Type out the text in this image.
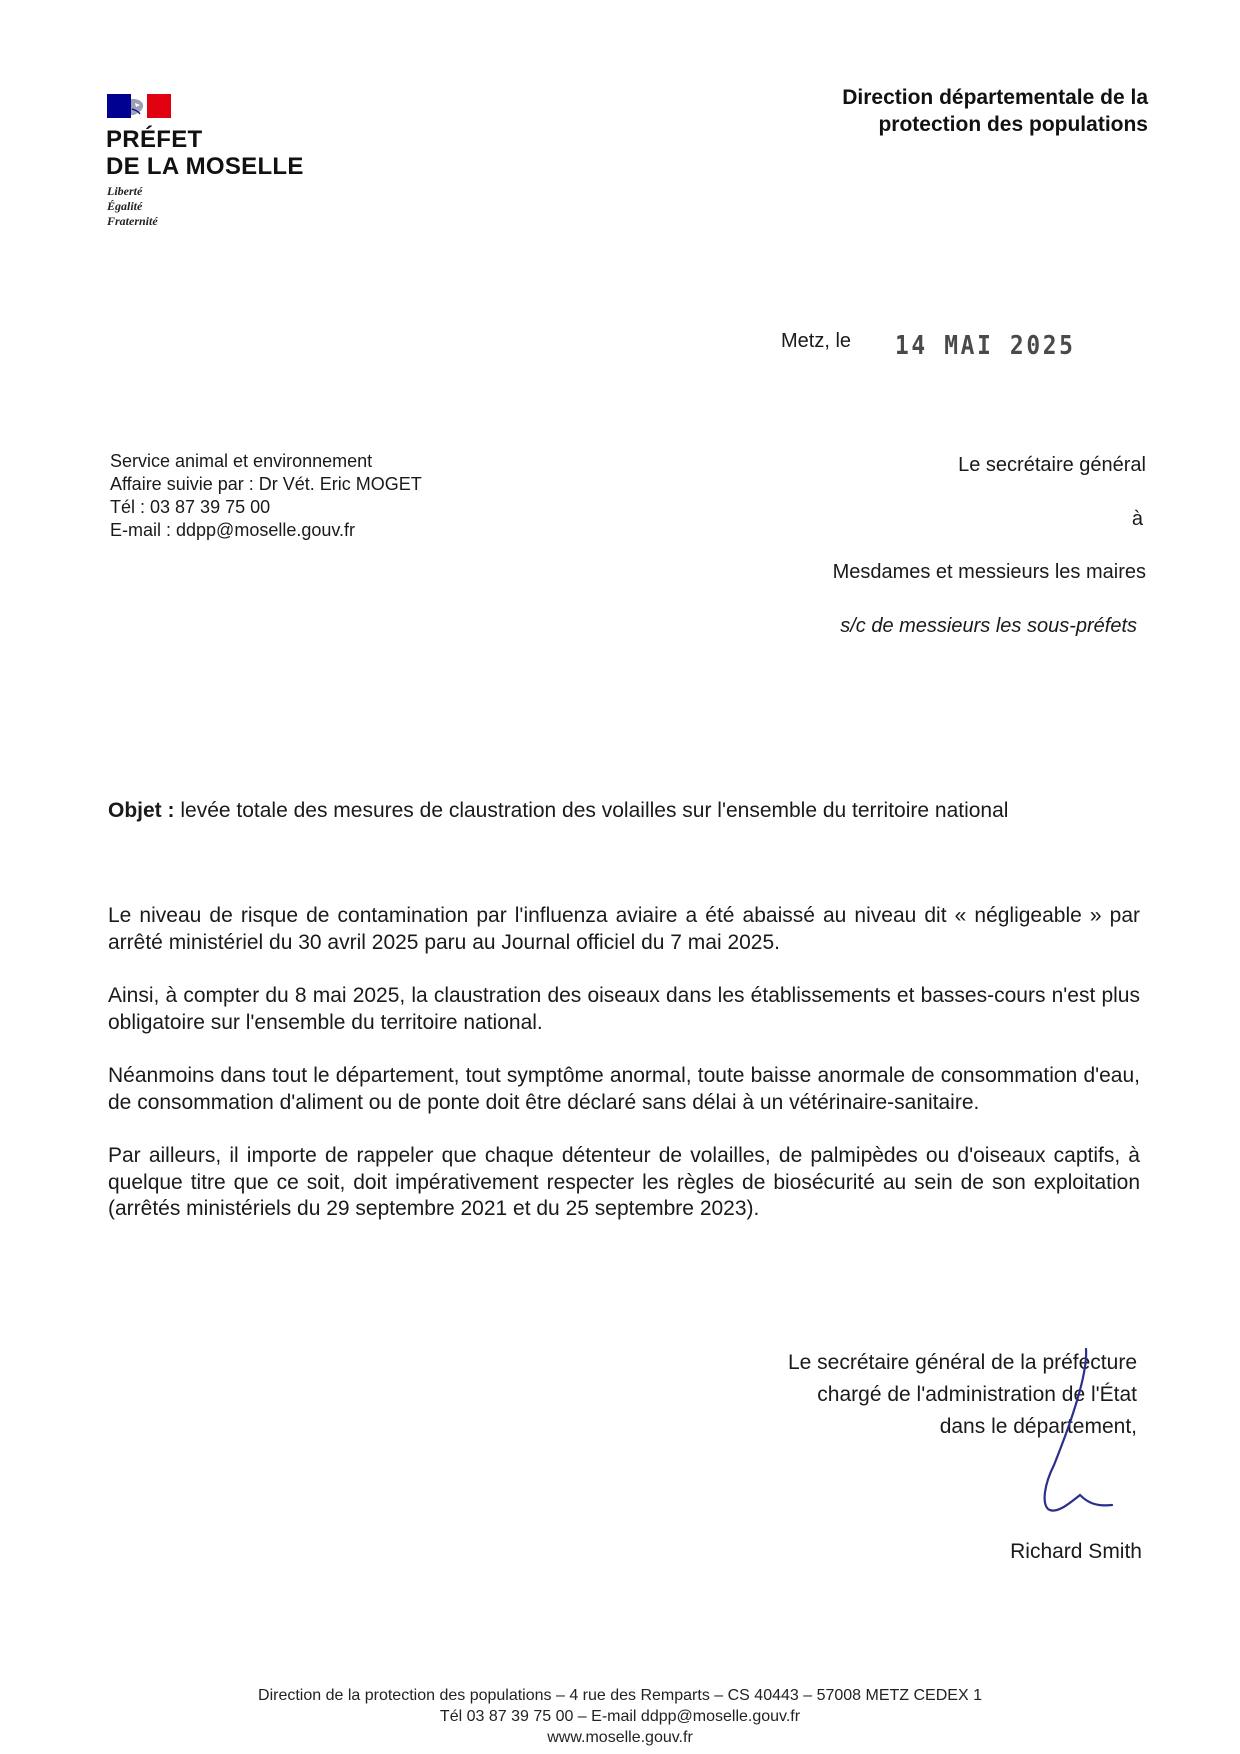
PRÉFET
DE LA MOSELLE
Liberté
Égalité
Fraternité
Direction départementale de la
protection des populations
Metz, le 14 MAI 2025
Service animal et environnement
Affaire suivie par : Dr Vét. Eric MOGET
Tél : 03 87 39 75 00
E-mail : ddpp@moselle.gouv.fr
Le secrétaire général
à
Mesdames et messieurs les maires
s/c de messieurs les sous-préfets
Objet : levée totale des mesures de claustration des volailles sur l'ensemble du territoire national

Le niveau de risque de contamination par l'influenza aviaire a été abaissé au niveau dit « négligeable » par arrêté ministériel du 30 avril 2025 paru au Journal officiel du 7 mai 2025.

Ainsi, à compter du 8 mai 2025, la claustration des oiseaux dans les établissements et basses-cours n'est plus obligatoire sur l'ensemble du territoire national.

Néanmoins dans tout le département, tout symptôme anormal, toute baisse anormale de consommation d'eau, de consommation d'aliment ou de ponte doit être déclaré sans délai à un vétérinaire-sanitaire.

Par ailleurs, il importe de rappeler que chaque détenteur de volailles, de palmipèdes ou d'oiseaux captifs, à quelque titre que ce soit, doit impérativement respecter les règles de biosécurité au sein de son exploitation (arrêtés ministériels du 29 septembre 2021 et du 25 septembre 2023).

Le secrétaire général de la préfecture
chargé de l'administration de l'État
dans le département,
Richard Smith
Direction de la protection des populations – 4 rue des Remparts – CS 40443 – 57008 METZ CEDEX 1
Tél 03 87 39 75 00 – E-mail ddpp@moselle.gouv.fr
www.moselle.gouv.fr
